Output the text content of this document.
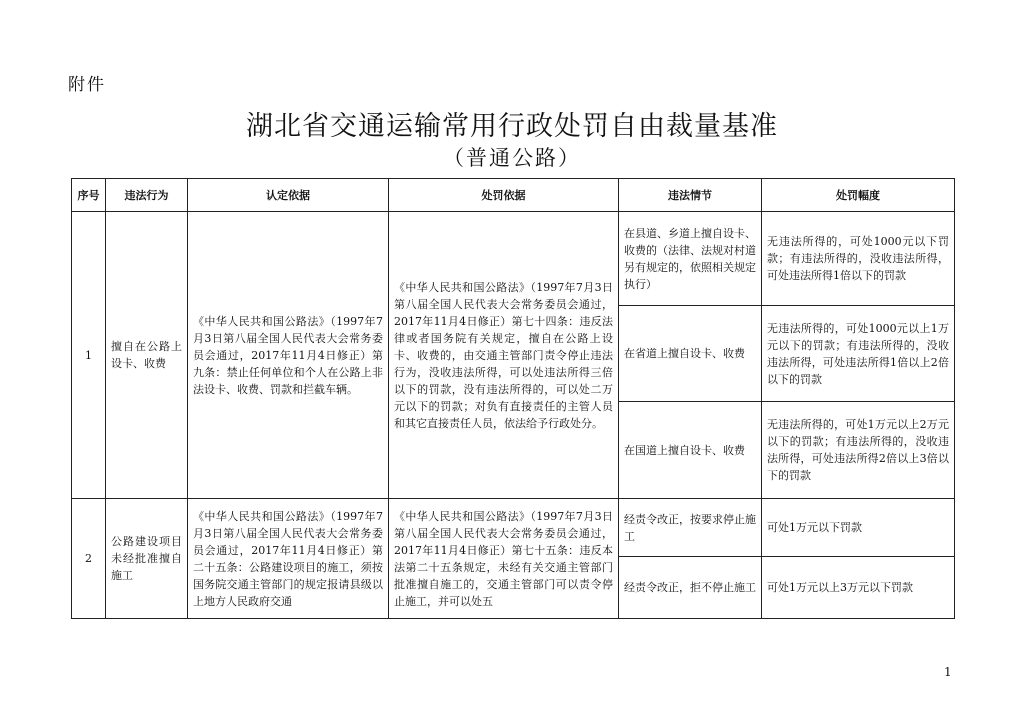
附件
湖北省交通运输常用行政处罚自由裁量基准
（普通公路）
序号	违法行为	认定依据	处罚依据	违法情节	处罚幅度
1	擅自在公路上设卡、收费	《中华人民共和国公路法》（1997年7月3日第八届全国人民代表大会常务委员会通过，2017年11月4日修正）第九条：禁止任何单位和个人在公路上非法设卡、收费、罚款和拦截车辆。	《中华人民共和国公路法》（1997年7月3日第八届全国人民代表大会常务委员会通过，2017年11月4日修正）第七十四条：违反法律或者国务院有关规定，擅自在公路上设卡、收费的，由交通主管部门责令停止违法行为，没收违法所得，可以处违法所得三倍以下的罚款，没有违法所得的，可以处二万元以下的罚款；对负有直接责任的主管人员和其它直接责任人员，依法给予行政处分。	在县道、乡道上擅自设卡、收费的（法律、法规对村道另有规定的，依照相关规定执行）	无违法所得的，可处1000元以下罚款；有违法所得的，没收违法所得，可处违法所得1倍以下的罚款
				在省道上擅自设卡、收费	无违法所得的，可处1000元以上1万元以下的罚款；有违法所得的，没收违法所得，可处违法所得1倍以上2倍以下的罚款
				在国道上擅自设卡、收费	无违法所得的，可处1万元以上2万元以下的罚款；有违法所得的，没收违法所得，可处违法所得2倍以上3倍以下的罚款
2	公路建设项目未经批准擅自施工	《中华人民共和国公路法》（1997年7月3日第八届全国人民代表大会常务委员会通过，2017年11月4日修正）第二十五条：公路建设项目的施工，须按国务院交通主管部门的规定报请县级以上地方人民政府交通	《中华人民共和国公路法》（1997年7月3日第八届全国人民代表大会常务委员会通过，2017年11月4日修正）第七十五条：违反本法第二十五条规定，未经有关交通主管部门批准擅自施工的，交通主管部门可以责令停止施工，并可以处五	经责令改正，按要求停止施工	可处1万元以下罚款
				经责令改正，拒不停止施工	可处1万元以上3万元以下罚款
1
